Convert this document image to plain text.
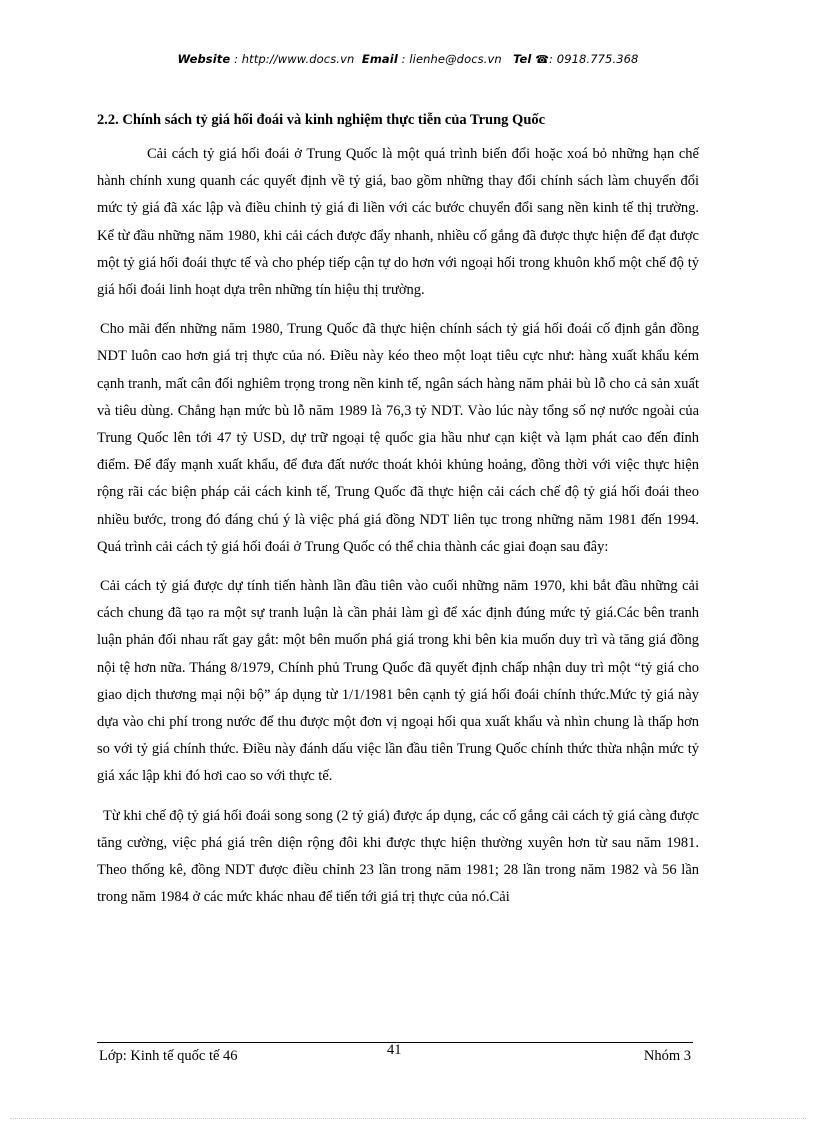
Website : http://www.docs.vn Email : lienhe@docs.vn Tel ☎: 0918.775.368
2.2. Chính sách tỷ giá hối đoái và kinh nghiệm thực tiễn của Trung Quốc

Cải cách tỷ giá hối đoái ở Trung Quốc là một quá trình biến đổi hoặc xoá bỏ những hạn chế hành chính xung quanh các quyết định về tỷ giá, bao gồm những thay đổi chính sách làm chuyển đổi mức tỷ giá đã xác lập và điều chỉnh tỷ giá đi liền với các bước chuyển đổi sang nền kinh tế thị trường. Kể từ đầu những năm 1980, khi cải cách được đẩy nhanh, nhiều cố gắng đã được thực hiện để đạt được một tỷ giá hối đoái thực tế và cho phép tiếp cận tự do hơn với ngoại hối trong khuôn khổ một chế độ tỷ giá hối đoái linh hoạt dựa trên những tín hiệu thị trường.

Cho mãi đến những năm 1980, Trung Quốc đã thực hiện chính sách tỷ giá hối đoái cố định gắn đồng NDT luôn cao hơn giá trị thực của nó. Điều này kéo theo một loạt tiêu cực như: hàng xuất khẩu kém cạnh tranh, mất cân đối nghiêm trọng trong nền kinh tế, ngân sách hàng năm phải bù lỗ cho cả sản xuất và tiêu dùng. Chẳng hạn mức bù lỗ năm 1989 là 76,3 tỷ NDT. Vào lúc này tổng số nợ nước ngoài của Trung Quốc lên tới 47 tỷ USD, dự trữ ngoại tệ quốc gia hầu như cạn kiệt và lạm phát cao đến đỉnh điểm. Để đẩy mạnh xuất khẩu, để đưa đất nước thoát khỏi khủng hoảng, đồng thời với việc thực hiện rộng rãi các biện pháp cải cách kinh tế, Trung Quốc đã thực hiện cải cách chế độ tỷ giá hối đoái theo nhiều bước, trong đó đáng chú ý là việc phá giá đồng NDT liên tục trong những năm 1981 đến 1994. Quá trình cải cách tỷ giá hối đoái ở Trung Quốc có thể chia thành các giai đoạn sau đây:

Cải cách tỷ giá được dự tính tiến hành lần đầu tiên vào cuối những năm 1970, khi bắt đầu những cải cách chung đã tạo ra một sự tranh luận là cần phải làm gì để xác định đúng mức tỷ giá.Các bên tranh luận phản đối nhau rất gay gắt: một bên muốn phá giá trong khi bên kia muốn duy trì và tăng giá đồng nội tệ hơn nữa. Tháng 8/1979, Chính phủ Trung Quốc đã quyết định chấp nhận duy trì một “tỷ giá cho giao dịch thương mại nội bộ” áp dụng từ 1/1/1981 bên cạnh tỷ giá hối đoái chính thức.Mức tỷ giá này dựa vào chi phí trong nước để thu được một đơn vị ngoại hối qua xuất khẩu và nhìn chung là thấp hơn so với tỷ giá chính thức. Điều này đánh dấu việc lần đầu tiên Trung Quốc chính thức thừa nhận mức tỷ giá xác lập khi đó hơi cao so với thực tế.

Từ khi chế độ tỷ giá hối đoái song song (2 tỷ giá) được áp dụng, các cố gắng cải cách tỷ giá càng được tăng cường, việc phá giá trên diện rộng đôi khi được thực hiện thường xuyên hơn từ sau năm 1981. Theo thống kê, đồng NDT được điều chỉnh 23 lần trong năm 1981; 28 lần trong năm 1982 và 56 lần trong năm 1984 ở các mức khác nhau để tiến tới giá trị thực của nó.Cải

Lớp: Kinh tế quốc tế 46	41	Nhóm 3
